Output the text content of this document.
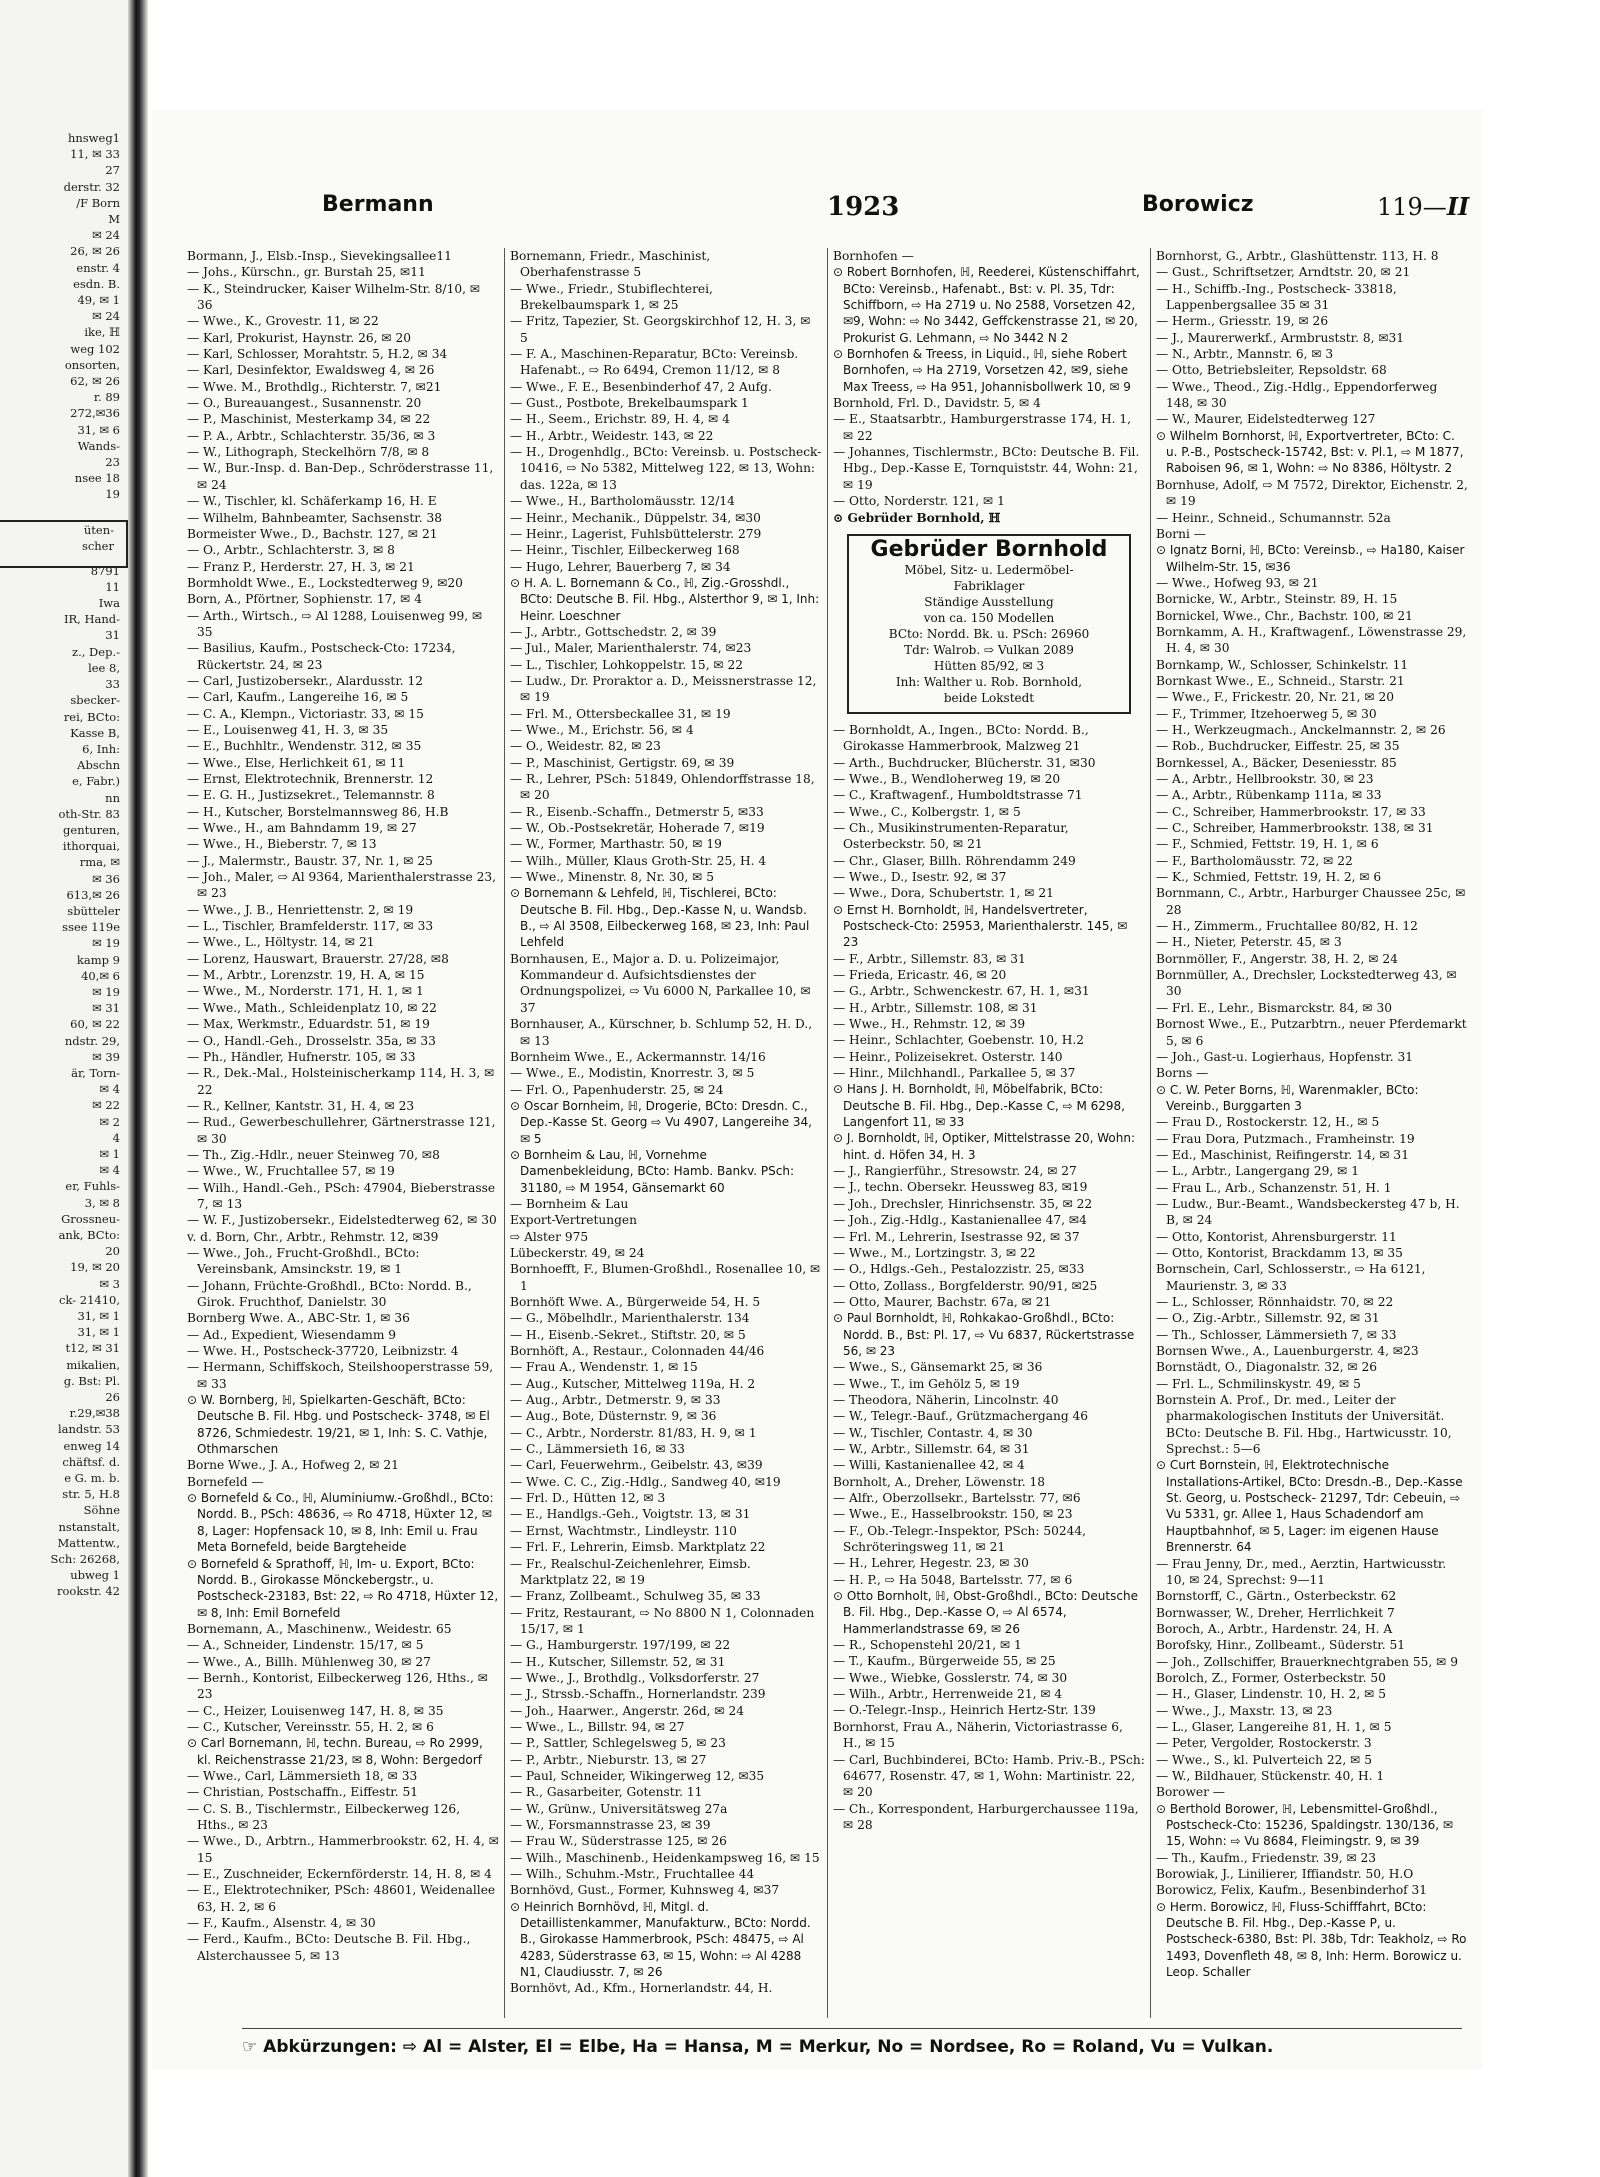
hnsweg1
11, ✉ 33
27
derstr. 32
/F Born
M
✉ 24
26, ✉ 26
enstr. 4
esdn. B.
49, ✉ 1
✉ 24
ike, ℍ
weg 102
onsorten,
62, ✉ 26
r. 89
272,✉36
31, ✉ 6
Wands-
23
nsee 18
19
üten-
scher
8791
11
Iwa
IR, Hand-
31
z., Dep.-
lee 8,
33
sbecker-
rei, BCto:
Kasse B,
6, Inh:
Abschn
e, Fabr.)
nn
oth-Str. 83
genturen,
ithorquai,
rma, ✉
✉ 36
613,✉ 26
sbütteler
ssee 119e
✉ 19
kamp 9
40,✉ 6
✉ 19
✉ 31
60, ✉ 22
ndstr. 29,
✉ 39
är, Torn-
✉ 4
✉ 22
✉ 2
4
✉ 1
✉ 4
er, Fuhls-
3, ✉ 8
Grossneu-
ank, BCto:
20
19, ✉ 20
✉ 3
ck- 21410,
31, ✉ 1
31, ✉ 1
t12, ✉ 31
mikalien,
g. Bst: Pl.
26
r.29,✉38
landstr. 53
enweg 14
chäftsf. d.
e G. m. b.
str. 5, H.8
Söhne
nstanstalt,
Mattentw.,
Sch: 26268,
ubweg 1
rookstr. 42
Bermann	1923	Borowicz	119—II
Bormann, J., Elsb.-Insp., Sievekingsallee11
— Johs., Kürschn., gr. Burstah 25, ✉11
— K., Steindrucker, Kaiser Wilhelm-Str. 8/10, ✉ 36
— Wwe., K., Grovestr. 11, ✉ 22
— Karl, Prokurist, Haynstr. 26, ✉ 20
— Karl, Schlosser, Morahtstr. 5, H.2, ✉ 34
— Karl, Desinfektor, Ewaldsweg 4, ✉ 26
— Wwe. M., Brothdlg., Richterstr. 7, ✉21
— O., Bureauangest., Susannenstr. 20
— P., Maschinist, Mesterkamp 34, ✉ 22
— P. A., Arbtr., Schlachterstr. 35/36, ✉ 3
— W., Lithograph, Steckelhörn 7/8, ✉ 8
— W., Bur.-Insp. d. Ban-Dep., Schröderstrasse 11, ✉ 24
— W., Tischler, kl. Schäferkamp 16, H. E
— Wilhelm, Bahnbeamter, Sachsenstr. 38
Bormeister Wwe., D., Bachstr. 127, ✉ 21
— O., Arbtr., Schlachterstr. 3, ✉ 8
— Franz P., Herderstr. 27, H. 3, ✉ 21
Bormholdt Wwe., E., Lockstedterweg 9, ✉20
Born, A., Pförtner, Sophienstr. 17, ✉ 4
— Arth., Wirtsch., ⇨ Al 1288, Louisenweg 99, ✉ 35
— Basilius, Kaufm., Postscheck-Cto: 17234, Rückertstr. 24, ✉ 23
— Carl, Justizobersekr., Alardusstr. 12
— Carl, Kaufm., Langereihe 16, ✉ 5
— C. A., Klempn., Victoriastr. 33, ✉ 15
— E., Louisenweg 41, H. 3, ✉ 35
— E., Buchhltr., Wendenstr. 312, ✉ 35
— Wwe., Else, Herlichkeit 61, ✉ 11
— Ernst, Elektrotechnik, Brennerstr. 12
— E. G. H., Justizsekret., Telemannstr. 8
— H., Kutscher, Borstelmannsweg 86, H.B
— Wwe., H., am Bahndamm 19, ✉ 27
— Wwe., H., Bieberstr. 7, ✉ 13
— J., Malermstr., Baustr. 37, Nr. 1, ✉ 25
— Joh., Maler, ⇨ Al 9364, Marienthalerstrasse 23, ✉ 23
— Wwe., J. B., Henriettenstr. 2, ✉ 19
— L., Tischler, Bramfelderstr. 117, ✉ 33
— Wwe., L., Höltystr. 14, ✉ 21
— Lorenz, Hauswart, Brauerstr. 27/28, ✉8
— M., Arbtr., Lorenzstr. 19, H. A, ✉ 15
— Wwe., M., Norderstr. 171, H. 1, ✉ 1
— Wwe., Math., Schleidenplatz 10, ✉ 22
— Max, Werkmstr., Eduardstr. 51, ✉ 19
— O., Handl.-Geh., Drosselstr. 35a, ✉ 33
— Ph., Händler, Hufnerstr. 105, ✉ 33
— R., Dek.-Mal., Holsteinischerkamp 114, H. 3, ✉ 22
— R., Kellner, Kantstr. 31, H. 4, ✉ 23
— Rud., Gewerbeschullehrer, Gärtnerstrasse 121, ✉ 30
— Th., Zig.-Hdlr., neuer Steinweg 70, ✉8
— Wwe., W., Fruchtallee 57, ✉ 19
— Wilh., Handl.-Geh., PSch: 47904, Bieberstrasse 7, ✉ 13
— W. F., Justizobersekr., Eidelstedterweg 62, ✉ 30
v. d. Born, Chr., Arbtr., Rehmstr. 12, ✉39
— Wwe., Joh., Frucht-Großhdl., BCto: Vereinsbank, Amsinckstr. 19, ✉ 1
— Johann, Früchte-Großhdl., BCto: Nordd. B., Girok. Fruchthof, Danielstr. 30
Bornberg Wwe. A., ABC-Str. 1, ✉ 36
— Ad., Expedient, Wiesendamm 9
— Wwe. H., Postscheck-37720, Leibnizstr. 4
— Hermann, Schiffskoch, Steilshooperstrasse 59, ✉ 33
⊙ W. Bornberg, ℍ, Spielkarten-Geschäft, BCto: Deutsche B. Fil. Hbg. und Postscheck- 3748, ✉ El 8726, Schmiedestr. 19/21, ✉ 1, Inh: S. C. Vathje, Othmarschen
Borne Wwe., J. A., Hofweg 2, ✉ 21
Bornefeld —
⊙ Bornefeld & Co., ℍ, Aluminiumw.-Großhdl., BCto: Nordd. B., PSch: 48636, ⇨ Ro 4718, Hüxter 12, ✉ 8, Lager: Hopfensack 10, ✉ 8, Inh: Emil u. Frau Meta Bornefeld, beide Bargteheide
⊙ Bornefeld & Sprathoff, ℍ, Im- u. Export, BCto: Nordd. B., Girokasse Mönckebergstr., u. Postscheck-23183, Bst: 22, ⇨ Ro 4718, Hüxter 12, ✉ 8, Inh: Emil Bornefeld
Bornemann, A., Maschinenw., Weidestr. 65
— A., Schneider, Lindenstr. 15/17, ✉ 5
— Wwe., A., Billh. Mühlenweg 30, ✉ 27
— Bernh., Kontorist, Eilbeckerweg 126, Hths., ✉ 23
— C., Heizer, Louisenweg 147, H. 8, ✉ 35
— C., Kutscher, Vereinsstr. 55, H. 2, ✉ 6
⊙ Carl Bornemann, ℍ, techn. Bureau, ⇨ Ro 2999, kl. Reichenstrasse 21/23, ✉ 8, Wohn: Bergedorf
— Wwe., Carl, Lämmersieth 18, ✉ 33
— Christian, Postschaffn., Eiffestr. 51
— C. S. B., Tischlermstr., Eilbeckerweg 126, Hths., ✉ 23
— Wwe., D., Arbtrn., Hammerbrookstr. 62, H. 4, ✉ 15
— E., Zuschneider, Eckernförderstr. 14, H. 8, ✉ 4
— E., Elektrotechniker, PSch: 48601, Weidenallee 63, H. 2, ✉ 6
— F., Kaufm., Alsenstr. 4, ✉ 30
— Ferd., Kaufm., BCto: Deutsche B. Fil. Hbg., Alsterchaussee 5, ✉ 13
Bornemann, Friedr., Maschinist, Oberhafenstrasse 5
— Wwe., Friedr., Stubiflechterei, Brekelbaumspark 1, ✉ 25
— Fritz, Tapezier, St. Georgskirchhof 12, H. 3, ✉ 5
— F. A., Maschinen-Reparatur, BCto: Vereinsb. Hafenabt., ⇨ Ro 6494, Cremon 11/12, ✉ 8
— Wwe., F. E., Besenbinderhof 47, 2 Aufg.
— Gust., Postbote, Brekelbaumspark 1
— H., Seem., Erichstr. 89, H. 4, ✉ 4
— H., Arbtr., Weidestr. 143, ✉ 22
— H., Drogenhdlg., BCto: Vereinsb. u. Postscheck- 10416, ⇨ No 5382, Mittelweg 122, ✉ 13, Wohn: das. 122a, ✉ 13
— Wwe., H., Bartholomäusstr. 12/14
— Heinr., Mechanik., Düppelstr. 34, ✉30
— Heinr., Lagerist, Fuhlsbüttelerstr. 279
— Heinr., Tischler, Eilbeckerweg 168
— Hugo, Lehrer, Bauerberg 7, ✉ 34
⊙ H. A. L. Bornemann & Co., ℍ, Zig.-Grosshdl., BCto: Deutsche B. Fil. Hbg., Alsterthor 9, ✉ 1, Inh: Heinr. Loeschner
— J., Arbtr., Gottschedstr. 2, ✉ 39
— Jul., Maler, Marienthalerstr. 74, ✉23
— L., Tischler, Lohkoppelstr. 15, ✉ 22
— Ludw., Dr. Proraktor a. D., Meissnerstrasse 12, ✉ 19
— Frl. M., Ottersbeckallee 31, ✉ 19
— Wwe., M., Erichstr. 56, ✉ 4
— O., Weidestr. 82, ✉ 23
— P., Maschinist, Gertigstr. 69, ✉ 39
— R., Lehrer, PSch: 51849, Ohlendorffstrasse 18, ✉ 20
— R., Eisenb.-Schaffn., Detmerstr 5, ✉33
— W., Ob.-Postsekretär, Hoherade 7, ✉19
— W., Former, Marthastr. 50, ✉ 19
— Wilh., Müller, Klaus Groth-Str. 25, H. 4
— Wwe., Minenstr. 8, Nr. 30, ✉ 5
⊙ Bornemann & Lehfeld, ℍ, Tischlerei, BCto: Deutsche B. Fil. Hbg., Dep.-Kasse N, u. Wandsb. B., ⇨ Al 3508, Eilbeckerweg 168, ✉ 23, Inh: Paul Lehfeld
Bornhausen, E., Major a. D. u. Polizeimajor, Kommandeur d. Aufsichtsdienstes der Ordnungspolizei, ⇨ Vu 6000 N, Parkallee 10, ✉ 37
Bornhauser, A., Kürschner, b. Schlump 52, H. D., ✉ 13
Bornheim Wwe., E., Ackermannstr. 14/16
— Wwe., E., Modistin, Knorrestr. 3, ✉ 5
— Frl. O., Papenhuderstr. 25, ✉ 24
⊙ Oscar Bornheim, ℍ, Drogerie, BCto: Dresdn. C., Dep.-Kasse St. Georg ⇨ Vu 4907, Langereihe 34, ✉ 5
⊙ Bornheim & Lau, ℍ, Vornehme Damenbekleidung, BCto: Hamb. Bankv. PSch: 31180, ⇨ M 1954, Gänsemarkt 60
— Bornheim & Lau
Export-Vertretungen
⇨ Alster 975
Lübeckerstr. 49, ✉ 24
Bornhoefft, F., Blumen-Großhdl., Rosenallee 10, ✉ 1
Bornhöft Wwe. A., Bürgerweide 54, H. 5
— G., Möbelhdlr., Marienthalerstr. 134
— H., Eisenb.-Sekret., Stiftstr. 20, ✉ 5
Bornhöft, A., Restaur., Colonnaden 44/46
— Frau A., Wendenstr. 1, ✉ 15
— Aug., Kutscher, Mittelweg 119a, H. 2
— Aug., Arbtr., Detmerstr. 9, ✉ 33
— Aug., Bote, Düsternstr. 9, ✉ 36
— C., Arbtr., Norderstr. 81/83, H. 9, ✉ 1
— C., Lämmersieth 16, ✉ 33
— Carl, Feuerwehrm., Geibelstr. 43, ✉39
— Wwe. C. C., Zig.-Hdlg., Sandweg 40, ✉19
— Frl. D., Hütten 12, ✉ 3
— E., Handlgs.-Geh., Voigtstr. 13, ✉ 31
— Ernst, Wachtmstr., Lindleystr. 110
— Frl. F., Lehrerin, Eimsb. Marktplatz 22
— Fr., Realschul-Zeichenlehrer, Eimsb. Marktplatz 22, ✉ 19
— Franz, Zollbeamt., Schulweg 35, ✉ 33
— Fritz, Restaurant, ⇨ No 8800 N 1, Colonnaden 15/17, ✉ 1
— G., Hamburgerstr. 197/199, ✉ 22
— H., Kutscher, Sillemstr. 52, ✉ 31
— Wwe., J., Brothdlg., Volksdorferstr. 27
— J., Strssb.-Schaffn., Hornerlandstr. 239
— Joh., Haarwer., Angerstr. 26d, ✉ 24
— Wwe., L., Billstr. 94, ✉ 27
— P., Sattler, Schlegelsweg 5, ✉ 23
— P., Arbtr., Nieburstr. 13, ✉ 27
— Paul, Schneider, Wikingerweg 12, ✉35
— R., Gasarbeiter, Gotenstr. 11
— W., Grünw., Universitätsweg 27a
— W., Forsmannstrasse 23, ✉ 39
— Frau W., Süderstrasse 125, ✉ 26
— Wilh., Maschinenb., Heidenkampsweg 16, ✉ 15
— Wilh., Schuhm.-Mstr., Fruchtallee 44
Bornhövd, Gust., Former, Kuhnsweg 4, ✉37
⊙ Heinrich Bornhövd, ℍ, Mitgl. d. Detaillistenkammer, Manufakturw., BCto: Nordd. B., Girokasse Hammerbrook, PSch: 48475, ⇨ Al 4283, Süderstrasse 63, ✉ 15, Wohn: ⇨ Al 4288 N1, Claudiusstr. 7, ✉ 26
Bornhövt, Ad., Kfm., Hornerlandstr. 44, H.
Bornhofen —
⊙ Robert Bornhofen, ℍ, Reederei, Küstenschiffahrt, BCto: Vereinsb., Hafenabt., Bst: v. Pl. 35, Tdr: Schiffborn, ⇨ Ha 2719 u. No 2588, Vorsetzen 42, ✉9, Wohn: ⇨ No 3442, Geffckenstrasse 21, ✉ 20, Prokurist G. Lehmann, ⇨ No 3442 N 2
⊙ Bornhofen & Treess, in Liquid., ℍ, siehe Robert Bornhofen, ⇨ Ha 2719, Vorsetzen 42, ✉9, siehe Max Treess, ⇨ Ha 951, Johannisbollwerk 10, ✉ 9
Bornhold, Frl. D., Davidstr. 5, ✉ 4
— E., Staatsarbtr., Hamburgerstrasse 174, H. 1, ✉ 22
— Johannes, Tischlermstr., BCto: Deutsche B. Fil. Hbg., Dep.-Kasse E, Tornquiststr. 44, Wohn: 21, ✉ 19
— Otto, Norderstr. 121, ✉ 1
⊙ Gebrüder Bornhold, ℍ
Gebrüder Bornhold
Möbel, Sitz- u. Ledermöbel-
Fabriklager
Ständige Ausstellung
von ca. 150 Modellen
BCto: Nordd. Bk. u. PSch: 26960
Tdr: Walrob. ⇨ Vulkan 2089
Hütten 85/92, ✉ 3
Inh: Walther u. Rob. Bornhold,
beide Lokstedt
— Bornholdt, A., Ingen., BCto: Nordd. B., Girokasse Hammerbrook, Malzweg 21
— Arth., Buchdrucker, Blücherstr. 31, ✉30
— Wwe., B., Wendloherweg 19, ✉ 20
— C., Kraftwagenf., Humboldtstrasse 71
— Wwe., C., Kolbergstr. 1, ✉ 5
— Ch., Musikinstrumenten-Reparatur, Osterbeckstr. 50, ✉ 21
— Chr., Glaser, Billh. Röhrendamm 249
— Wwe., D., Isestr. 92, ✉ 37
— Wwe., Dora, Schubertstr. 1, ✉ 21
⊙ Ernst H. Bornholdt, ℍ, Handelsvertreter, Postscheck-Cto: 25953, Marienthalerstr. 145, ✉ 23
— F., Arbtr., Sillemstr. 83, ✉ 31
— Frieda, Ericastr. 46, ✉ 20
— G., Arbtr., Schwenckestr. 67, H. 1, ✉31
— H., Arbtr., Sillemstr. 108, ✉ 31
— Wwe., H., Rehmstr. 12, ✉ 39
— Heinr., Schlachter, Goebenstr. 10, H.2
— Heinr., Polizeisekret. Osterstr. 140
— Hinr., Milchhandl., Parkallee 5, ✉ 37
⊙ Hans J. H. Bornholdt, ℍ, Möbelfabrik, BCto: Deutsche B. Fil. Hbg., Dep.-Kasse C, ⇨ M 6298, Langenfort 11, ✉ 33
⊙ J. Bornholdt, ℍ, Optiker, Mittelstrasse 20, Wohn: hint. d. Höfen 34, H. 3
— J., Rangierführ., Stresowstr. 24, ✉ 27
— J., techn. Obersekr. Heussweg 83, ✉19
— Joh., Drechsler, Hinrichsenstr. 35, ✉ 22
— Joh., Zig.-Hdlg., Kastanienallee 47, ✉4
— Frl. M., Lehrerin, Isestrasse 92, ✉ 37
— Wwe., M., Lortzingstr. 3, ✉ 22
— O., Hdlgs.-Geh., Pestalozzistr. 25, ✉33
— Otto, Zollass., Borgfelderstr. 90/91, ✉25
— Otto, Maurer, Bachstr. 67a, ✉ 21
⊙ Paul Bornholdt, ℍ, Rohkakao-Großhdl., BCto: Nordd. B., Bst: Pl. 17, ⇨ Vu 6837, Rückertstrasse 56, ✉ 23
— Wwe., S., Gänsemarkt 25, ✉ 36
— Wwe., T., im Gehölz 5, ✉ 19
— Theodora, Näherin, Lincolnstr. 40
— W., Telegr.-Bauf., Grützmachergang 46
— W., Tischler, Contastr. 4, ✉ 30
— W., Arbtr., Sillemstr. 64, ✉ 31
— Willi, Kastanienallee 42, ✉ 4
Bornholt, A., Dreher, Löwenstr. 18
— Alfr., Oberzollsekr., Bartelsstr. 77, ✉6
— Wwe., E., Hasselbrookstr. 150, ✉ 23
— F., Ob.-Telegr.-Inspektor, PSch: 50244, Schröteringsweg 11, ✉ 21
— H., Lehrer, Hegestr. 23, ✉ 30
— H. P., ⇨ Ha 5048, Bartelsstr. 77, ✉ 6
⊙ Otto Bornholt, ℍ, Obst-Großhdl., BCto: Deutsche B. Fil. Hbg., Dep.-Kasse O, ⇨ Al 6574, Hammerlandstrasse 69, ✉ 26
— R., Schopenstehl 20/21, ✉ 1
— T., Kaufm., Bürgerweide 55, ✉ 25
— Wwe., Wiebke, Gosslerstr. 74, ✉ 30
— Wilh., Arbtr., Herrenweide 21, ✉ 4
— O.-Telegr.-Insp., Heinrich Hertz-Str. 139
Bornhorst, Frau A., Näherin, Victoriastrasse 6, H., ✉ 15
— Carl, Buchbinderei, BCto: Hamb. Priv.-B., PSch: 64677, Rosenstr. 47, ✉ 1, Wohn: Martinistr. 22, ✉ 20
— Ch., Korrespondent, Harburgerchaussee 119a, ✉ 28
Bornhorst, G., Arbtr., Glashüttenstr. 113, H. 8
— Gust., Schriftsetzer, Arndtstr. 20, ✉ 21
— H., Schiffb.-Ing., Postscheck- 33818, Lappenbergsallee 35 ✉ 31
— Herm., Griesstr. 19, ✉ 26
— J., Maurerwerkf., Armbruststr. 8, ✉31
— N., Arbtr., Mannstr. 6, ✉ 3
— Otto, Betriebsleiter, Repsoldstr. 68
— Wwe., Theod., Zig.-Hdlg., Eppendorferweg 148, ✉ 30
— W., Maurer, Eidelstedterweg 127
⊙ Wilhelm Bornhorst, ℍ, Exportvertreter, BCto: C. u. P.-B., Postscheck-15742, Bst: v. Pl.1, ⇨ M 1877, Raboisen 96, ✉ 1, Wohn: ⇨ No 8386, Höltystr. 2
Bornhuse, Adolf, ⇨ M 7572, Direktor, Eichenstr. 2, ✉ 19
— Heinr., Schneid., Schumannstr. 52a
Borni —
⊙ Ignatz Borni, ℍ, BCto: Vereinsb., ⇨ Ha180, Kaiser Wilhelm-Str. 15, ✉36
— Wwe., Hofweg 93, ✉ 21
Bornicke, W., Arbtr., Steinstr. 89, H. 15
Bornickel, Wwe., Chr., Bachstr. 100, ✉ 21
Bornkamm, A. H., Kraftwagenf., Löwenstrasse 29, H. 4, ✉ 30
Bornkamp, W., Schlosser, Schinkelstr. 11
Bornkast Wwe., E., Schneid., Starstr. 21
— Wwe., F., Frickestr. 20, Nr. 21, ✉ 20
— F., Trimmer, Itzehoerweg 5, ✉ 30
— H., Werkzeugmach., Anckelmannstr. 2, ✉ 26
— Rob., Buchdrucker, Eiffestr. 25, ✉ 35
Bornkessel, A., Bäcker, Deseniesstr. 85
— A., Arbtr., Hellbrookstr. 30, ✉ 23
— A., Arbtr., Rübenkamp 111a, ✉ 33
— C., Schreiber, Hammerbrookstr. 17, ✉ 33
— C., Schreiber, Hammerbrookstr. 138, ✉ 31
— F., Schmied, Fettstr. 19, H. 1, ✉ 6
— F., Bartholomäusstr. 72, ✉ 22
— K., Schmied, Fettstr. 19, H. 2, ✉ 6
Bornmann, C., Arbtr., Harburger Chaussee 25c, ✉ 28
— H., Zimmerm., Fruchtallee 80/82, H. 12
— H., Nieter, Peterstr. 45, ✉ 3
Bornmöller, F., Angerstr. 38, H. 2, ✉ 24
Bornmüller, A., Drechsler, Lockstedterweg 43, ✉ 30
— Frl. E., Lehr., Bismarckstr. 84, ✉ 30
Bornost Wwe., E., Putzarbtrn., neuer Pferdemarkt 5, ✉ 6
— Joh., Gast-u. Logierhaus, Hopfenstr. 31
Borns —
⊙ C. W. Peter Borns, ℍ, Warenmakler, BCto: Vereinb., Burggarten 3
— Frau D., Rostockerstr. 12, H., ✉ 5
— Frau Dora, Putzmach., Framheinstr. 19
— Ed., Maschinist, Reifingerstr. 14, ✉ 31
— L., Arbtr., Langergang 29, ✉ 1
— Frau L., Arb., Schanzenstr. 51, H. 1
— Ludw., Bur.-Beamt., Wandsbeckersteg 47 b, H. B, ✉ 24
— Otto, Kontorist, Ahrensburgerstr. 11
— Otto, Kontorist, Brackdamm 13, ✉ 35
Bornschein, Carl, Schlosserstr., ⇨ Ha 6121, Maurienstr. 3, ✉ 33
— L., Schlosser, Rönnhaidstr. 70, ✉ 22
— O., Zig.-Arbtr., Sillemstr. 92, ✉ 31
— Th., Schlosser, Lämmersieth 7, ✉ 33
Bornsen Wwe., A., Lauenburgerstr. 4, ✉23
Bornstädt, O., Diagonalstr. 32, ✉ 26
— Frl. L., Schmilinskystr. 49, ✉ 5
Bornstein A. Prof., Dr. med., Leiter der pharmakologischen Instituts der Universität. BCto: Deutsche B. Fil. Hbg., Hartwicusstr. 10, Sprechst.: 5—6
⊙ Curt Bornstein, ℍ, Elektrotechnische Installations-Artikel, BCto: Dresdn.-B., Dep.-Kasse St. Georg, u. Postscheck- 21297, Tdr: Cebeuin, ⇨ Vu 5331, gr. Allee 1, Haus Schadendorf am Hauptbahnhof, ✉ 5, Lager: im eigenen Hause Brennerstr. 64
— Frau Jenny, Dr., med., Aerztin, Hartwicusstr. 10, ✉ 24, Sprechst: 9—11
Bornstorff, C., Gärtn., Osterbeckstr. 62
Bornwasser, W., Dreher, Herrlichkeit 7
Boroch, A., Arbtr., Hardenstr. 24, H. A
Borofsky, Hinr., Zollbeamt., Süderstr. 51
— Joh., Zollschiffer, Brauerknechtgraben 55, ✉ 9
Borolch, Z., Former, Osterbeckstr. 50
— H., Glaser, Lindenstr. 10, H. 2, ✉ 5
— Wwe., J., Maxstr. 13, ✉ 23
— L., Glaser, Langereihe 81, H. 1, ✉ 5
— Peter, Vergolder, Rostockerstr. 3
— Wwe., S., kl. Pulverteich 22, ✉ 5
— W., Bildhauer, Stückenstr. 40, H. 1
Borower —
⊙ Berthold Borower, ℍ, Lebensmittel-Großhdl., Postscheck-Cto: 15236, Spaldingstr. 130/136, ✉ 15, Wohn: ⇨ Vu 8684, Fleimingstr. 9, ✉ 39
— Th., Kaufm., Friedenstr. 39, ✉ 23
Borowiak, J., Linilierer, Iffiandstr. 50, H.O
Borowicz, Felix, Kaufm., Besenbinderhof 31
⊙ Herm. Borowicz, ℍ, Fluss-Schifffahrt, BCto: Deutsche B. Fil. Hbg., Dep.-Kasse P, u. Postscheck-6380, Bst: Pl. 38b, Tdr: Teakholz, ⇨ Ro 1493, Dovenfleth 48, ✉ 8, Inh: Herm. Borowicz u. Leop. Schaller
☞ Abkürzungen: ⇨ Al = Alster, El = Elbe, Ha = Hansa, M = Merkur, No = Nordsee, Ro = Roland, Vu = Vulkan.
